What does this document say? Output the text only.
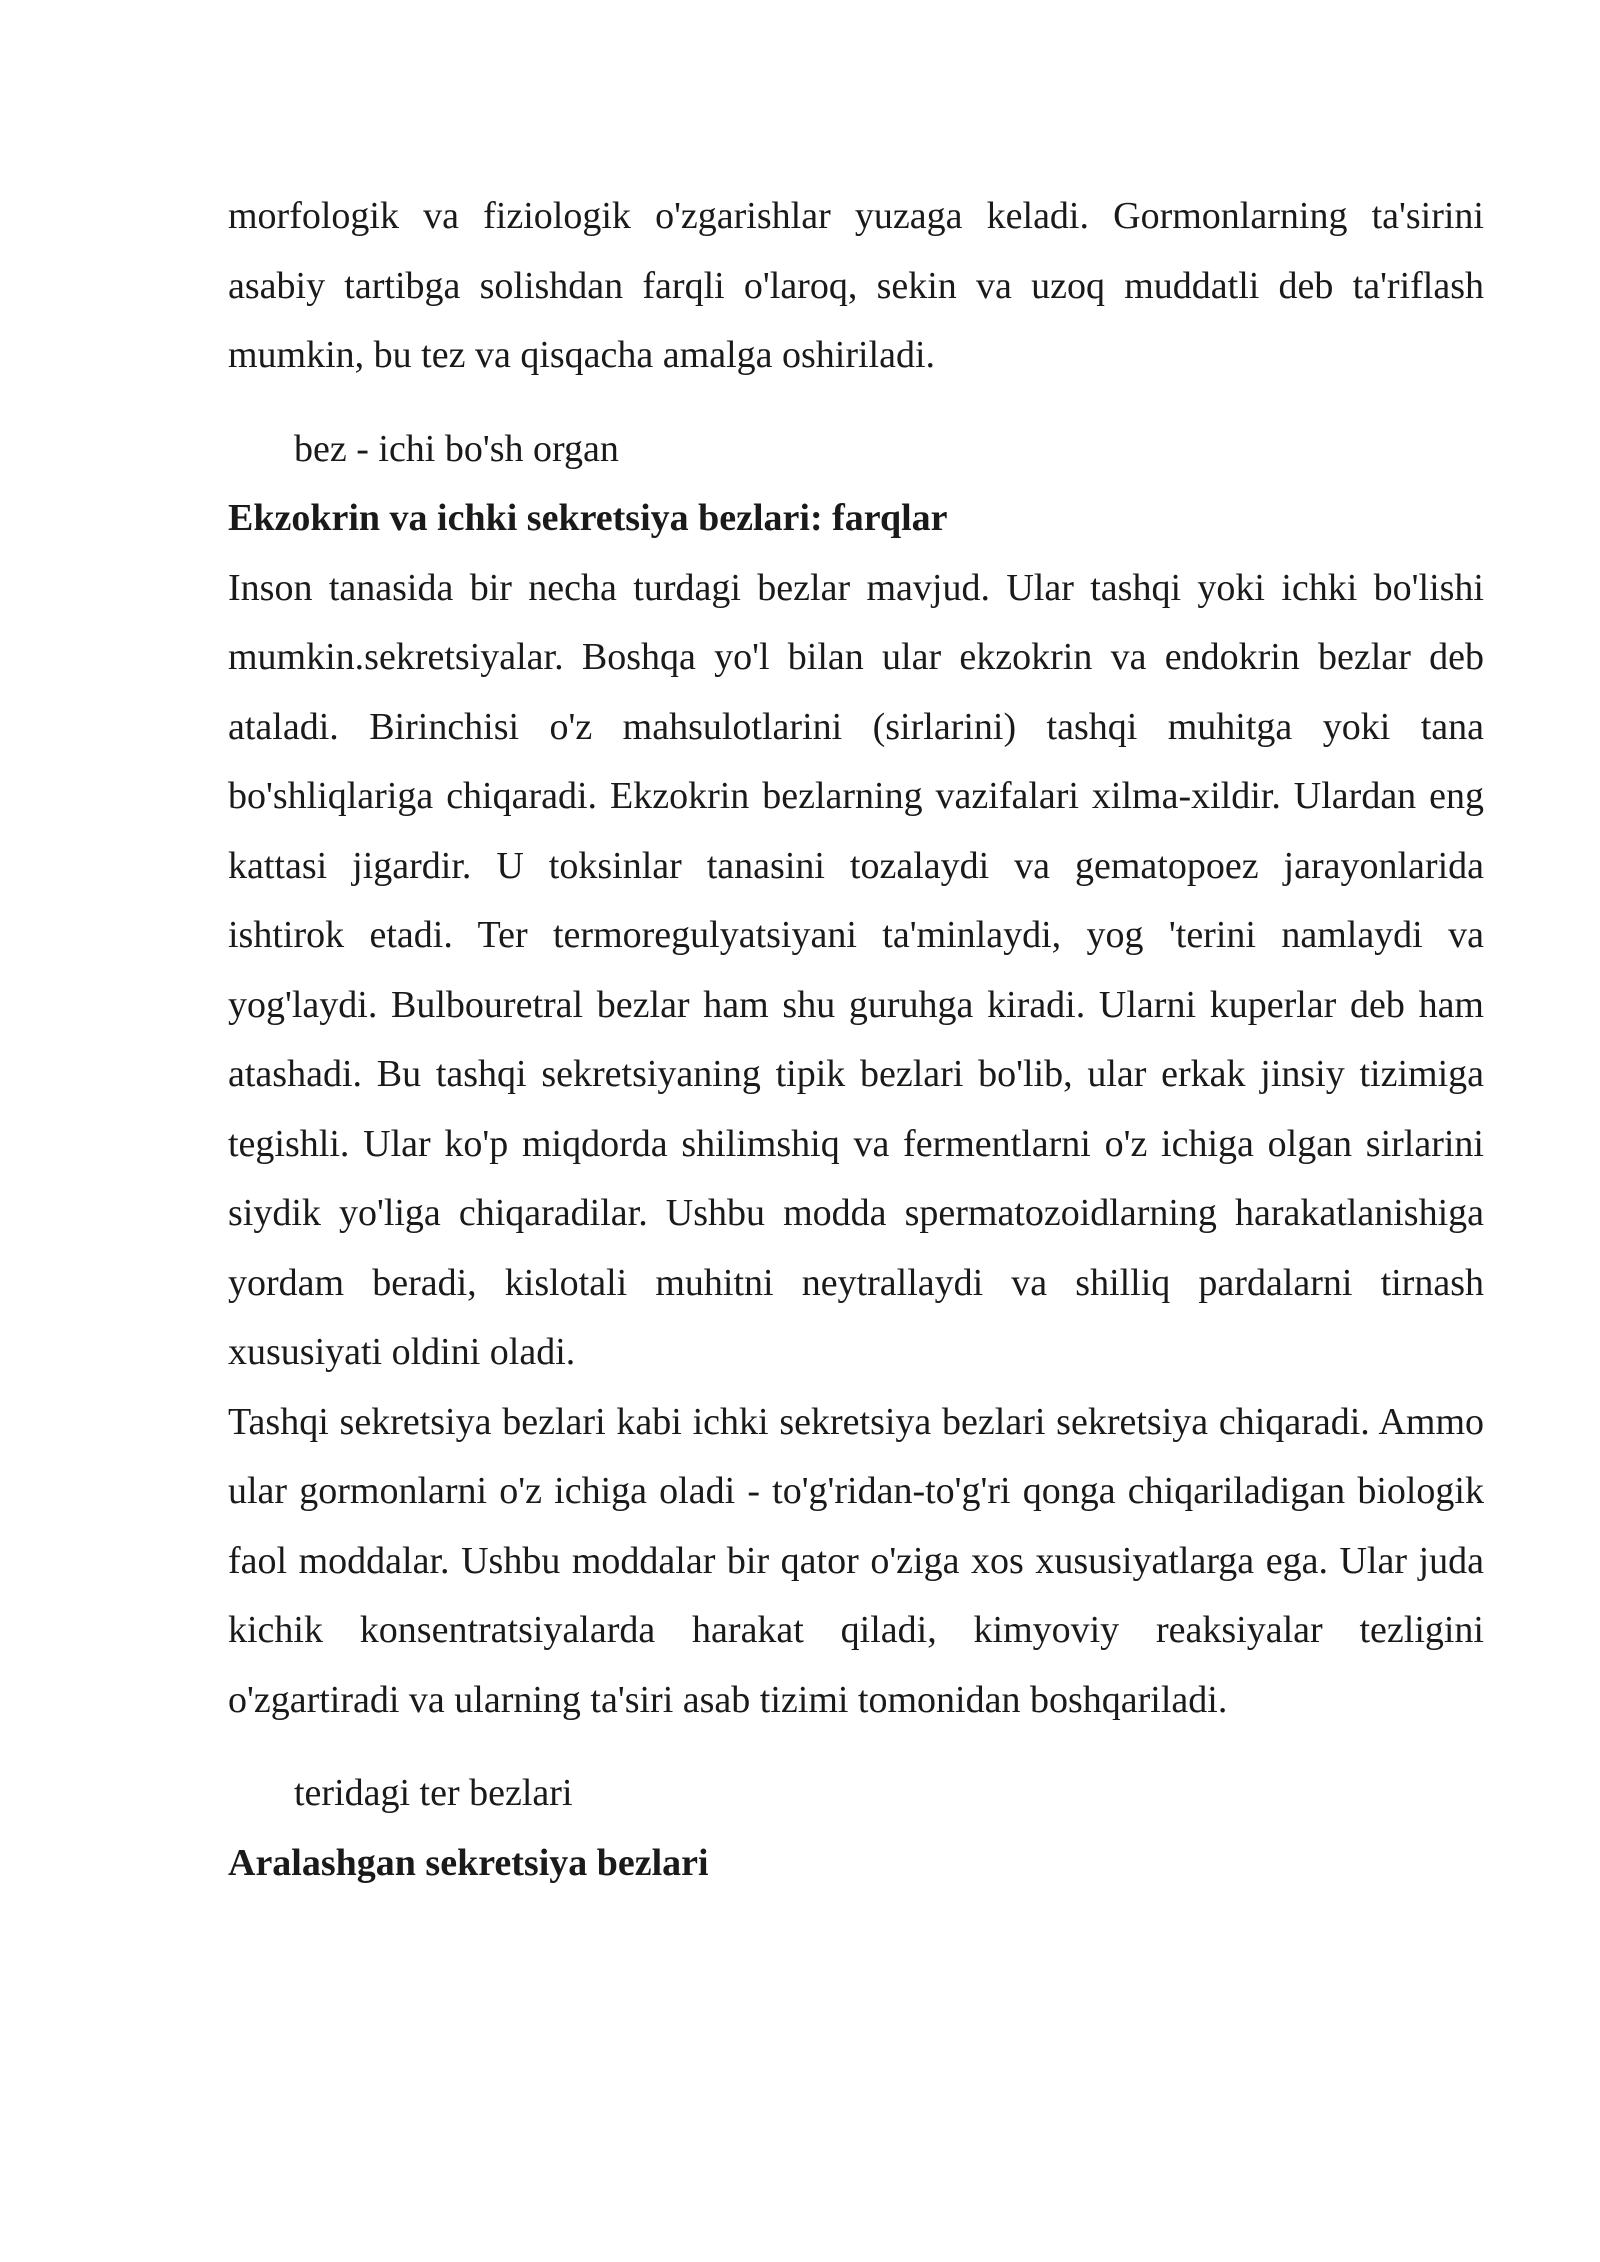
morfologik va fiziologik o'zgarishlar yuzaga keladi. Gormonlarning ta'sirini asabiy tartibga solishdan farqli o'laroq, sekin va uzoq muddatli deb ta'riflash mumkin, bu tez va qisqacha amalga oshiriladi.

bez - ichi bo'sh organ

Ekzokrin va ichki sekretsiya bezlari: farqlar

Inson tanasida bir necha turdagi bezlar mavjud. Ular tashqi yoki ichki bo'lishi mumkin.sekretsiyalar. Boshqa yo'l bilan ular ekzokrin va endokrin bezlar deb ataladi. Birinchisi o'z mahsulotlarini (sirlarini) tashqi muhitga yoki tana bo'shliqlariga chiqaradi. Ekzokrin bezlarning vazifalari xilma-xildir. Ulardan eng kattasi jigardir. U toksinlar tanasini tozalaydi va gematopoez jarayonlarida ishtirok etadi. Ter termoregulyatsiyani ta'minlaydi, yog 'terini namlaydi va yog'laydi. Bulbouretral bezlar ham shu guruhga kiradi. Ularni kuperlar deb ham atashadi. Bu tashqi sekretsiyaning tipik bezlari bo'lib, ular erkak jinsiy tizimiga tegishli. Ular ko'p miqdorda shilimshiq va fermentlarni o'z ichiga olgan sirlarini siydik yo'liga chiqaradilar. Ushbu modda spermatozoidlarning harakatlanishiga yordam beradi, kislotali muhitni neytrallaydi va shilliq pardalarni tirnash xususiyati oldini oladi.

Tashqi sekretsiya bezlari kabi ichki sekretsiya bezlari sekretsiya chiqaradi. Ammo ular gormonlarni o'z ichiga oladi - to'g'ridan-to'g'ri qonga chiqariladigan biologik faol moddalar. Ushbu moddalar bir qator o'ziga xos xususiyatlarga ega. Ular juda kichik konsentratsiyalarda harakat qiladi, kimyoviy reaksiyalar tezligini o'zgartiradi va ularning ta'siri asab tizimi tomonidan boshqariladi.

teridagi ter bezlari

Aralashgan sekretsiya bezlari
